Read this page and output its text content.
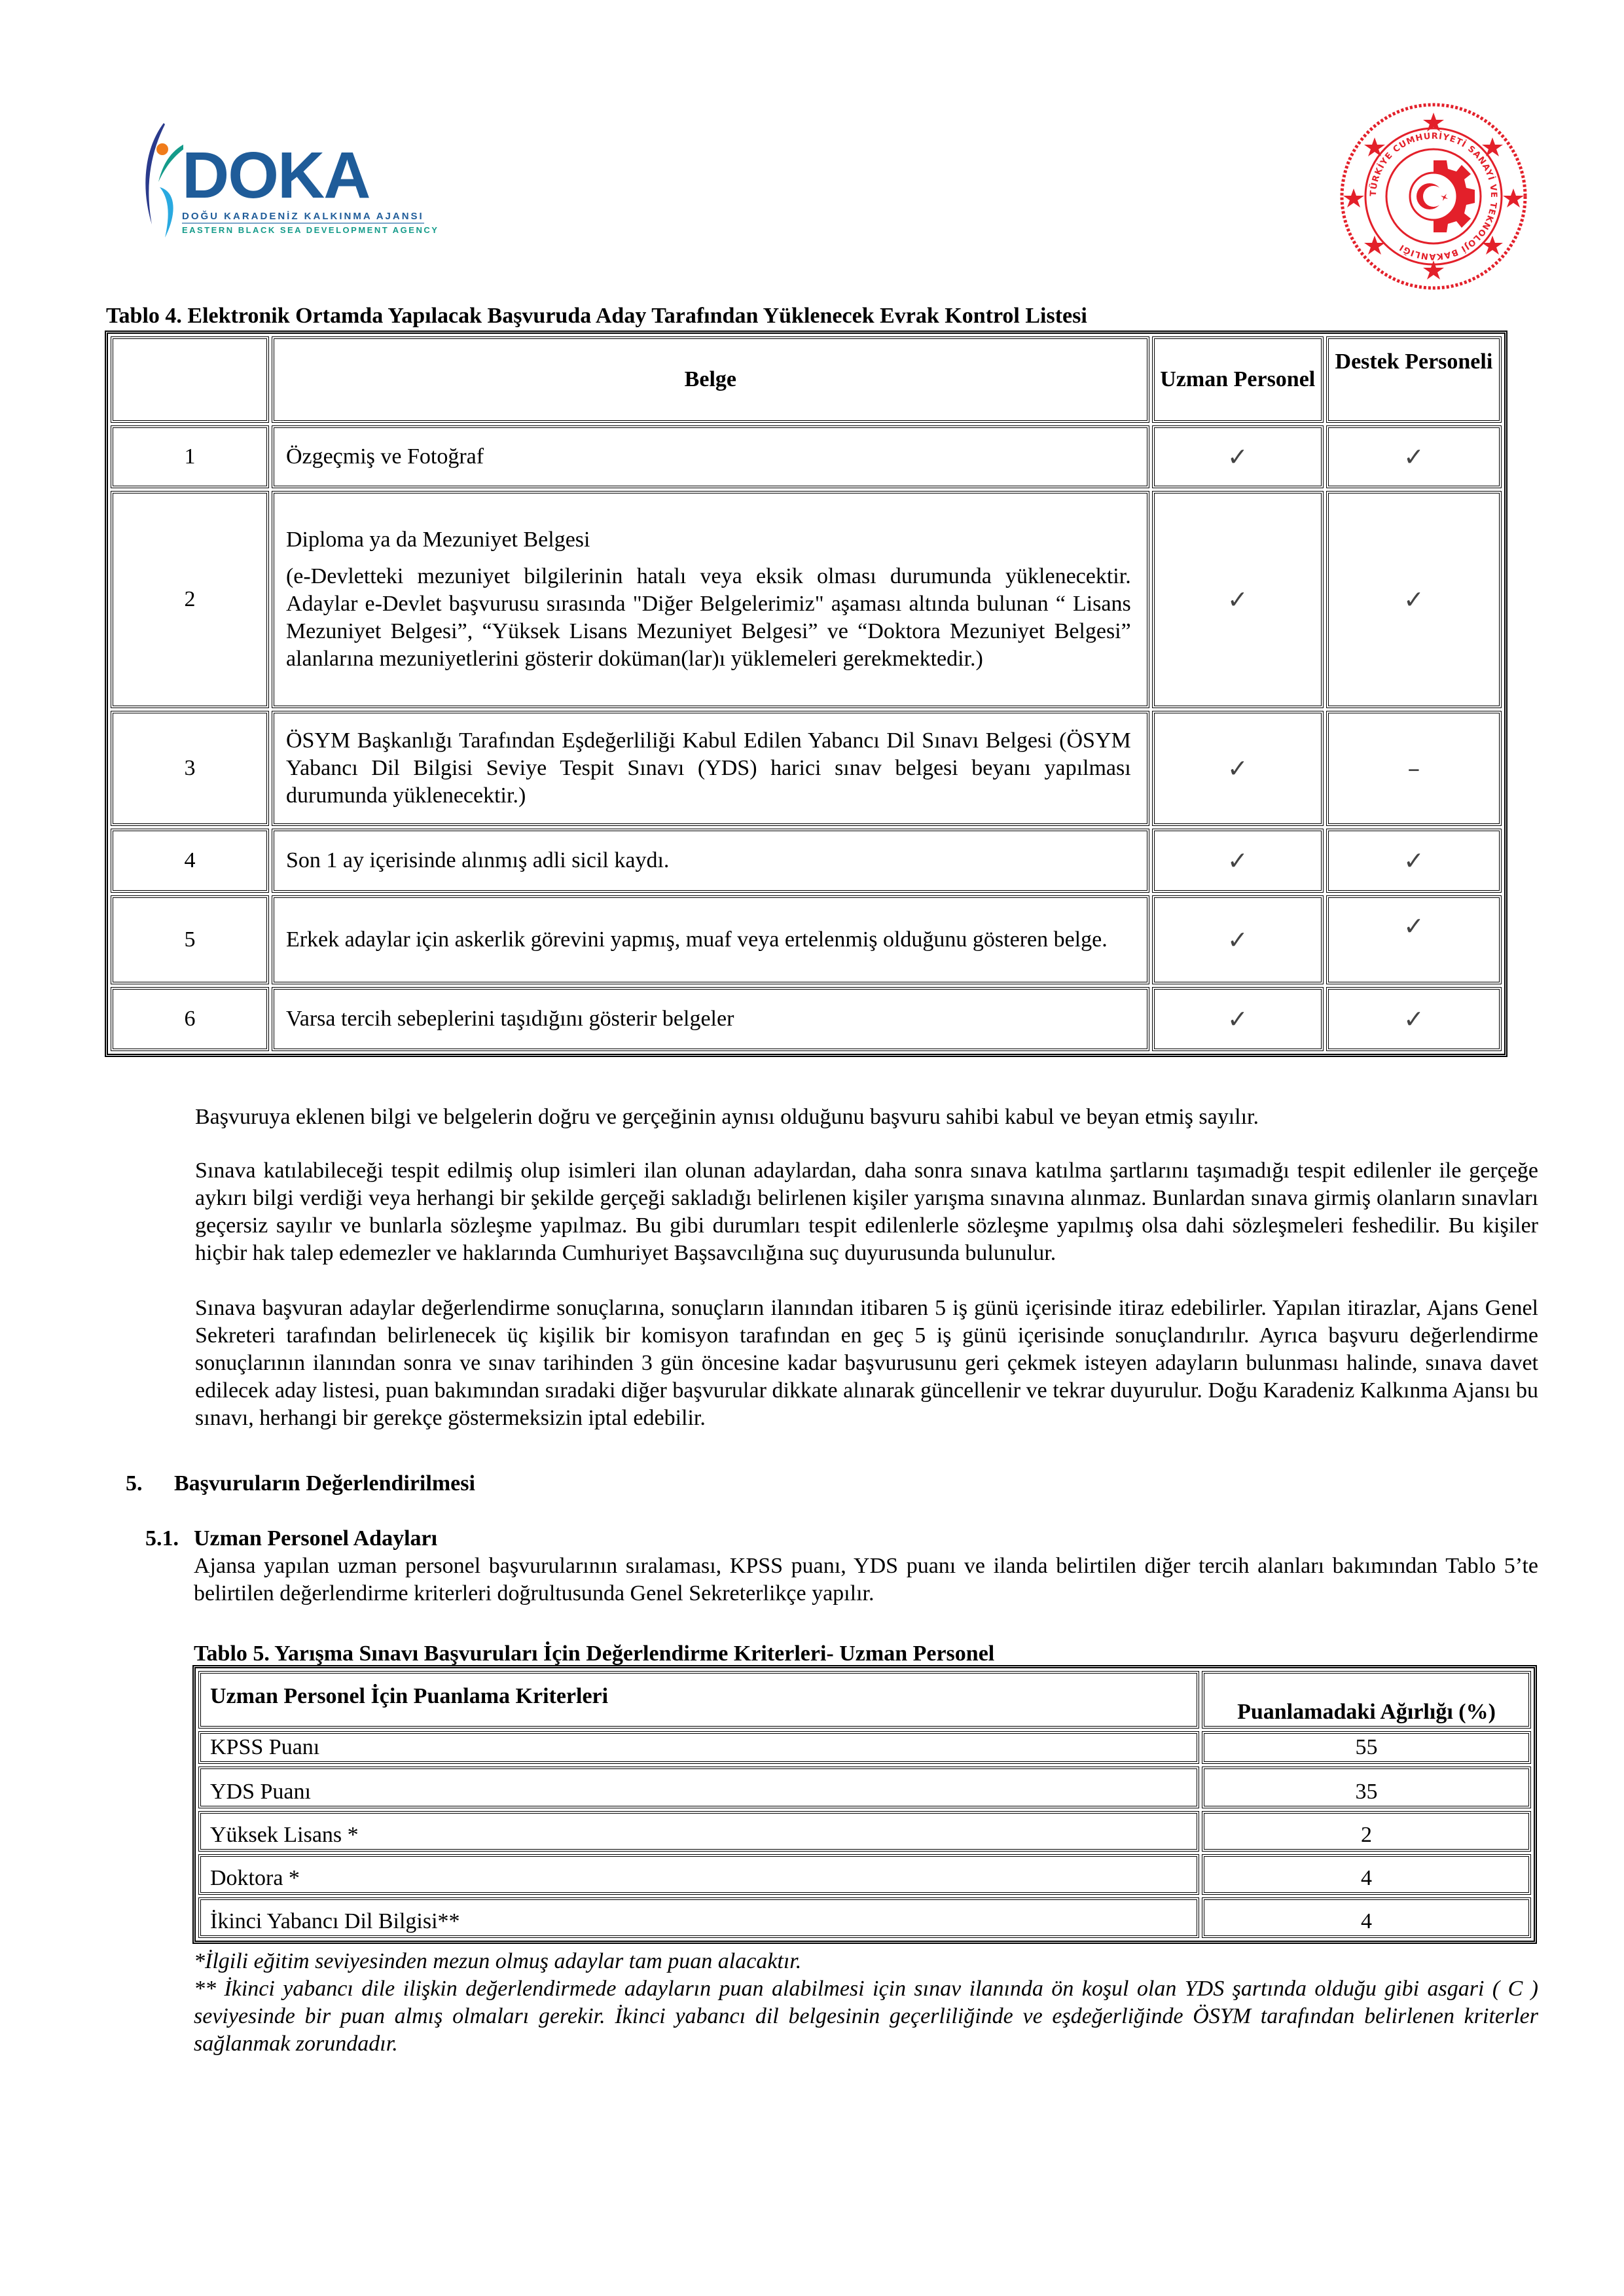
DOKA
DOĞU KARADENİZ KALKINMA AJANSI
EASTERN BLACK SEA DEVELOPMENT AGENCY
TÜRKİYE CUMHURİYETİ SANAYİ VE TEKNOLOJİ BAKANLIĞI
Tablo 4. Elektronik Ortamda Yapılacak Başvuruda Aday Tarafından Yüklenecek Evrak Kontrol Listesi
	Belge	Uzman Personel	Destek Personeli
1	Özgeçmiş ve Fotoğraf	✓	✓
2	Diploma ya da Mezuniyet Belgesi
(e-Devletteki mezuniyet bilgilerinin hatalı veya eksik olması durumunda yüklenecektir. Adaylar e-Devlet başvurusu sırasında "Diğer Belgelerimiz" aşaması altında bulunan “ Lisans Mezuniyet Belgesi”, “Yüksek Lisans Mezuniyet Belgesi” ve “Doktora Mezuniyet Belgesi” alanlarına mezuniyetlerini gösterir doküman(lar)ı yüklemeleri gerekmektedir.)	✓	✓
3	ÖSYM Başkanlığı Tarafından Eşdeğerliliği Kabul Edilen Yabancı Dil Sınavı Belgesi (ÖSYM Yabancı Dil Bilgisi Seviye Tespit Sınavı (YDS) harici sınav belgesi beyanı yapılması durumunda yüklenecektir.)	✓	–
4	Son 1 ay içerisinde alınmış adli sicil kaydı.	✓	✓
5	Erkek adaylar için askerlik görevini yapmış, muaf veya ertelenmiş olduğunu gösteren belge.	✓	✓
6	Varsa tercih sebeplerini taşıdığını gösterir belgeler	✓	✓
Başvuruya eklenen bilgi ve belgelerin doğru ve gerçeğinin aynısı olduğunu başvuru sahibi kabul ve beyan etmiş sayılır.
Sınava katılabileceği tespit edilmiş olup isimleri ilan olunan adaylardan, daha sonra sınava katılma şartlarını taşımadığı tespit edilenler ile gerçeğe aykırı bilgi verdiği veya herhangi bir şekilde gerçeği sakladığı belirlenen kişiler yarışma sınavına alınmaz. Bunlardan sınava girmiş olanların sınavları geçersiz sayılır ve bunlarla sözleşme yapılmaz. Bu gibi durumları tespit edilenlerle sözleşme yapılmış olsa dahi sözleşmeleri feshedilir. Bu kişiler hiçbir hak talep edemezler ve haklarında Cumhuriyet Başsavcılığına suç duyurusunda bulunulur.
Sınava başvuran adaylar değerlendirme sonuçlarına, sonuçların ilanından itibaren 5 iş günü içerisinde itiraz edebilirler. Yapılan itirazlar, Ajans Genel Sekreteri tarafından belirlenecek üç kişilik bir komisyon tarafından en geç 5 iş günü içerisinde sonuçlandırılır. Ayrıca başvuru değerlendirme sonuçlarının ilanından sonra ve sınav tarihinden 3 gün öncesine kadar başvurusunu geri çekmek isteyen adayların bulunması halinde, sınava davet edilecek aday listesi, puan bakımından sıradaki diğer başvurular dikkate alınarak güncellenir ve tekrar duyurulur. Doğu Karadeniz Kalkınma Ajansı bu sınavı, herhangi bir gerekçe göstermeksizin iptal edebilir.
5. Başvuruların Değerlendirilmesi
5.1. Uzman Personel Adayları
Ajansa yapılan uzman personel başvurularının sıralaması, KPSS puanı, YDS puanı ve ilanda belirtilen diğer tercih alanları bakımından Tablo 5’te belirtilen değerlendirme kriterleri doğrultusunda Genel Sekreterlikçe yapılır.
Tablo 5. Yarışma Sınavı Başvuruları İçin Değerlendirme Kriterleri- Uzman Personel
Uzman Personel İçin Puanlama Kriterleri	Puanlamadaki Ağırlığı (%)
KPSS Puanı	55
YDS Puanı	35
Yüksek Lisans *	2
Doktora *	4
İkinci Yabancı Dil Bilgisi**	4
*İlgili eğitim seviyesinden mezun olmuş adaylar tam puan alacaktır.
** İkinci yabancı dile ilişkin değerlendirmede adayların puan alabilmesi için sınav ilanında ön koşul olan YDS şartında olduğu gibi asgari ( C ) seviyesinde bir puan almış olmaları gerekir. İkinci yabancı dil belgesinin geçerliliğinde ve eşdeğerliğinde ÖSYM tarafından belirlenen kriterler sağlanmak zorundadır.
